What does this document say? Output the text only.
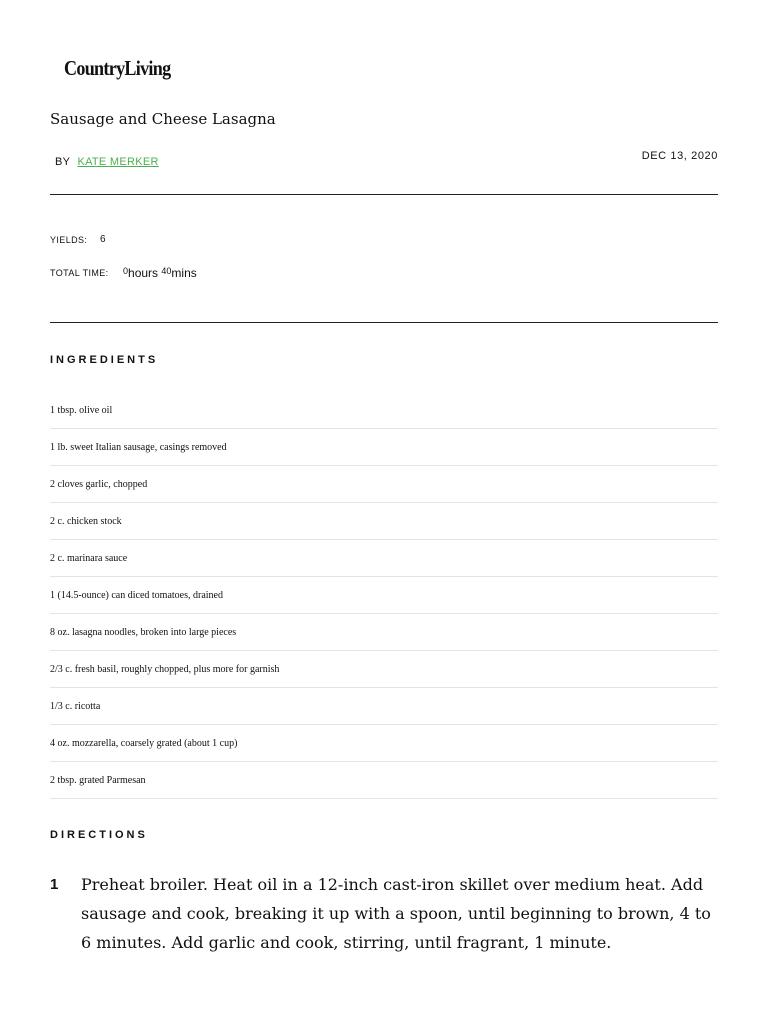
CountryLiving
Sausage and Cheese Lasagna
BY KATE MERKER	DEC 13, 2020
YIELDS: 6
TOTAL TIME: $^0$hours $^{40}$mins
INGREDIENTS
1 tbsp. olive oil
1 lb. sweet Italian sausage, casings removed
2 cloves garlic, chopped
2 c. chicken stock
2 c. marinara sauce
1 (14.5-ounce) can diced tomatoes, drained
8 oz. lasagna noodles, broken into large pieces
2/3 c. fresh basil, roughly chopped, plus more for garnish
1/3 c. ricotta
4 oz. mozzarella, coarsely grated (about 1 cup)
2 tbsp. grated Parmesan
DIRECTIONS
1 Preheat broiler. Heat oil in a 12-inch cast-iron skillet over medium heat. Add sausage and cook, breaking it up with a spoon, until beginning to brown, 4 to 6 minutes. Add garlic and cook, stirring, until fragrant, 1 minute.
